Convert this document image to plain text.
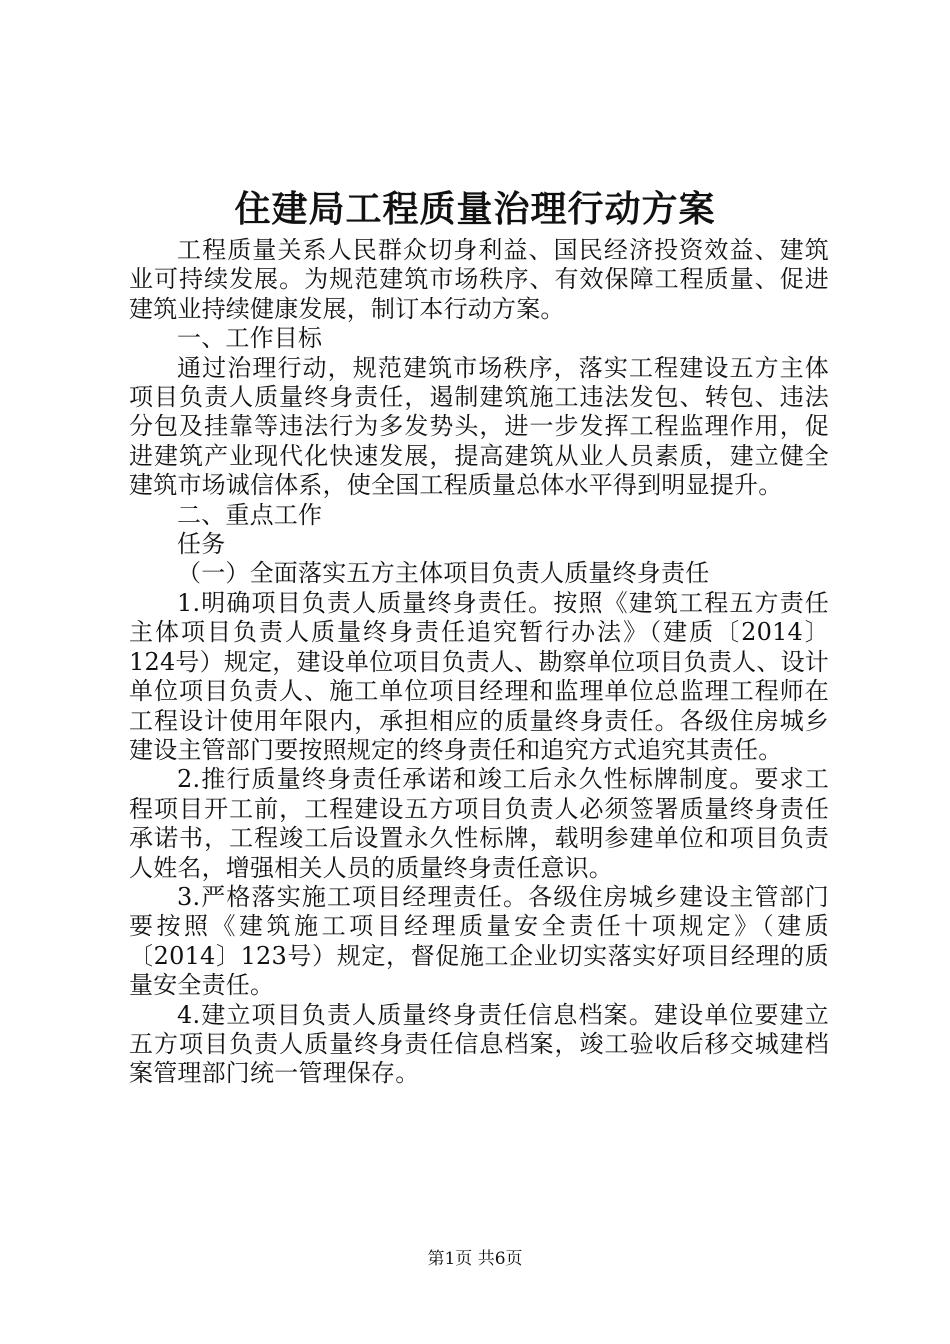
住建局工程质量治理行动方案

工程质量关系人民群众切身利益、国民经济投资效益、建筑业可持续发展。为规范建筑市场秩序、有效保障工程质量、促进建筑业持续健康发展，制订本行动方案。

一、工作目标

通过治理行动，规范建筑市场秩序，落实工程建设五方主体项目负责人质量终身责任，遏制建筑施工违法发包、转包、违法分包及挂靠等违法行为多发势头，进一步发挥工程监理作用，促进建筑产业现代化快速发展，提高建筑从业人员素质，建立健全建筑市场诚信体系，使全国工程质量总体水平得到明显提升。

二、重点工作

任务

（一）全面落实五方主体项目负责人质量终身责任

1.明确项目负责人质量终身责任。按照《建筑工程五方责任主体项目负责人质量终身责任追究暂行办法》（建质〔2014〕124号）规定，建设单位项目负责人、勘察单位项目负责人、设计单位项目负责人、施工单位项目经理和监理单位总监理工程师在工程设计使用年限内，承担相应的质量终身责任。各级住房城乡建设主管部门要按照规定的终身责任和追究方式追究其责任。

2.推行质量终身责任承诺和竣工后永久性标牌制度。要求工程项目开工前，工程建设五方项目负责人必须签署质量终身责任承诺书，工程竣工后设置永久性标牌，载明参建单位和项目负责人姓名，增强相关人员的质量终身责任意识。

3.严格落实施工项目经理责任。各级住房城乡建设主管部门要按照《建筑施工项目经理质量安全责任十项规定》（建质〔2014〕123号）规定，督促施工企业切实落实好项目经理的质量安全责任。

4.建立项目负责人质量终身责任信息档案。建设单位要建立五方项目负责人质量终身责任信息档案，竣工验收后移交城建档案管理部门统一管理保存。

第1页 共6页
